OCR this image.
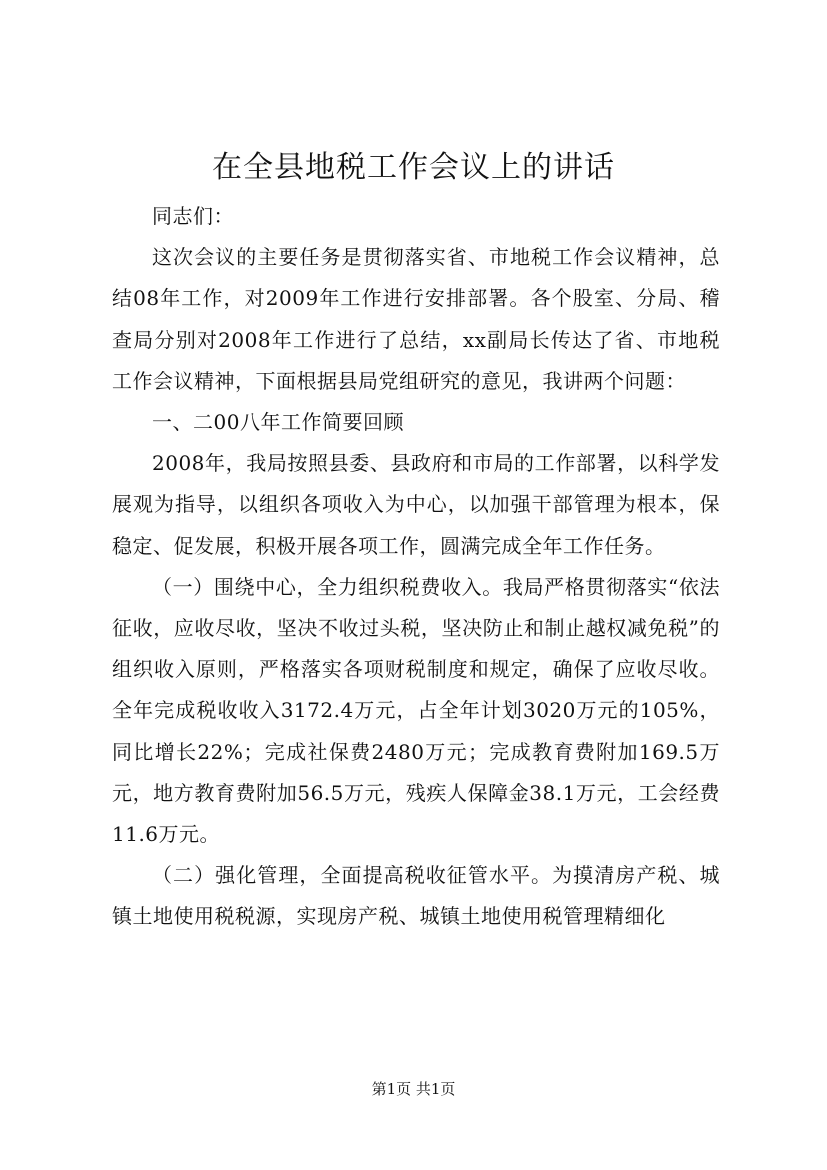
在全县地税工作会议上的讲话

同志们：

这次会议的主要任务是贯彻落实省、市地税工作会议精神，总结08年工作，对2009年工作进行安排部署。各个股室、分局、稽查局分别对2008年工作进行了总结，xx副局长传达了省、市地税工作会议精神，下面根据县局党组研究的意见，我讲两个问题：

一、二00八年工作简要回顾

2008年，我局按照县委、县政府和市局的工作部署，以科学发展观为指导，以组织各项收入为中心，以加强干部管理为根本，保稳定、促发展，积极开展各项工作，圆满完成全年工作任务。

（一）围绕中心，全力组织税费收入。我局严格贯彻落实“依法征收，应收尽收，坚决不收过头税，坚决防止和制止越权减免税”的组织收入原则，严格落实各项财税制度和规定，确保了应收尽收。全年完成税收收入3172.4万元，占全年计划3020万元的105%，同比增长22%；完成社保费2480万元；完成教育费附加169.5万元，地方教育费附加56.5万元，残疾人保障金38.1万元，工会经费11.6万元。

（二）强化管理，全面提高税收征管水平。为摸清房产税、城镇土地使用税税源，实现房产税、城镇土地使用税管理精细化

第1页 共1页
